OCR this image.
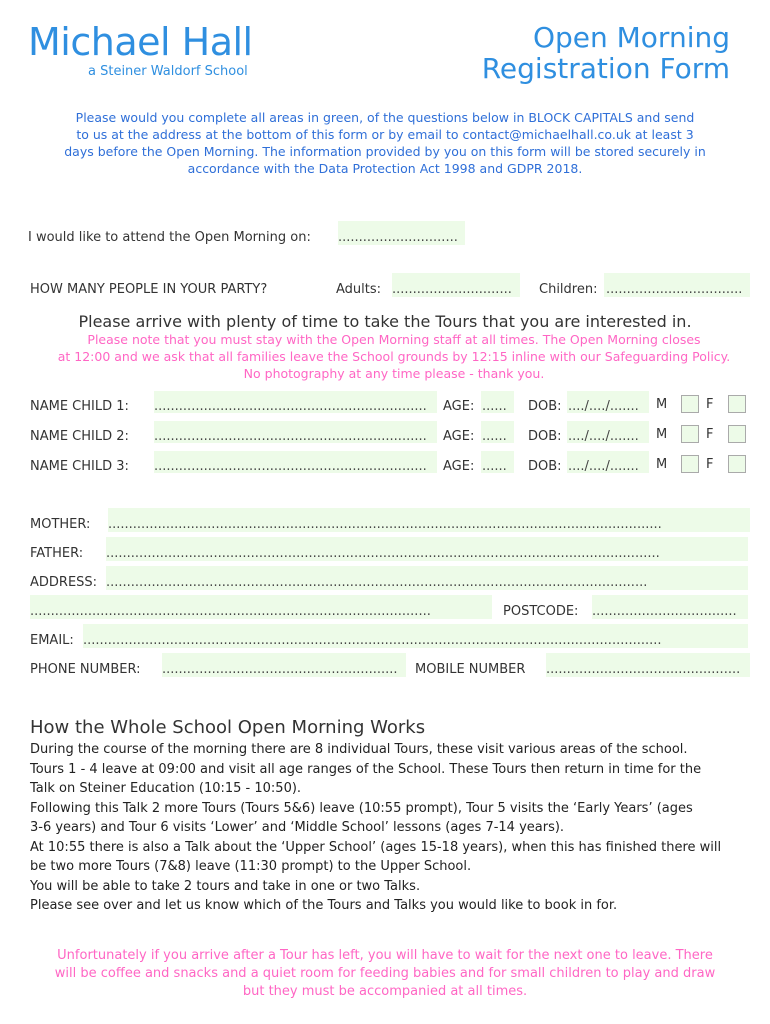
Michael Hall
a Steiner Waldorf School
Open Morning
Registration Form
Please would you complete all areas in green, of the questions below in BLOCK CAPITALS and send
to us at the address at the bottom of this form or by email to contact@michaelhall.co.uk at least 3
days before the Open Morning. The information provided by you on this form will be stored securely in
accordance with the Data Protection Act 1998 and GDPR 2018.
I would like to attend the Open Morning on: .............................
HOW MANY PEOPLE IN YOUR PARTY?	Adults: ............................. Children: .................................
Please arrive with plenty of time to take the Tours that you are interested in.
Please note that you must stay with the Open Morning staff at all times. The Open Morning closes
at 12:00 and we ask that all families leave the School grounds by 12:15 inline with our Safeguarding Policy.
No photography at any time please - thank you.
NAME CHILD 1: .................................................................. AGE: ...... DOB: ..../..../....... M	F
NAME CHILD 2: .................................................................. AGE: ...... DOB: ..../..../....... M	F
NAME CHILD 3: .................................................................. AGE: ...... DOB: ..../..../....... M	F
MOTHER: ......................................................................................................................................
FATHER: ......................................................................................................................................
ADDRESS: ...................................................................................................................................
.................................................................................................	POSTCODE: ...................................
EMAIL: ............................................................................................................................................
PHONE NUMBER: .........................................................	MOBILE NUMBER ...............................................
How the Whole School Open Morning Works

During the course of the morning there are 8 individual Tours, these visit various areas of the school.

Tours 1 - 4 leave at 09:00 and visit all age ranges of the School. These Tours then return in time for the

Talk on Steiner Education (10:15 - 10:50).

Following this Talk 2 more Tours (Tours 5&6) leave (10:55 prompt), Tour 5 visits the ‘Early Years’ (ages

3-6 years) and Tour 6 visits ‘Lower’ and ‘Middle School’ lessons (ages 7-14 years).

At 10:55 there is also a Talk about the ‘Upper School’ (ages 15-18 years), when this has finished there will

be two more Tours (7&8) leave (11:30 prompt) to the Upper School.

You will be able to take 2 tours and take in one or two Talks.

Please see over and let us know which of the Tours and Talks you would like to book in for.

Unfortunately if you arrive after a Tour has left, you will have to wait for the next one to leave. There
will be coffee and snacks and a quiet room for feeding babies and for small children to play and draw
but they must be accompanied at all times.
